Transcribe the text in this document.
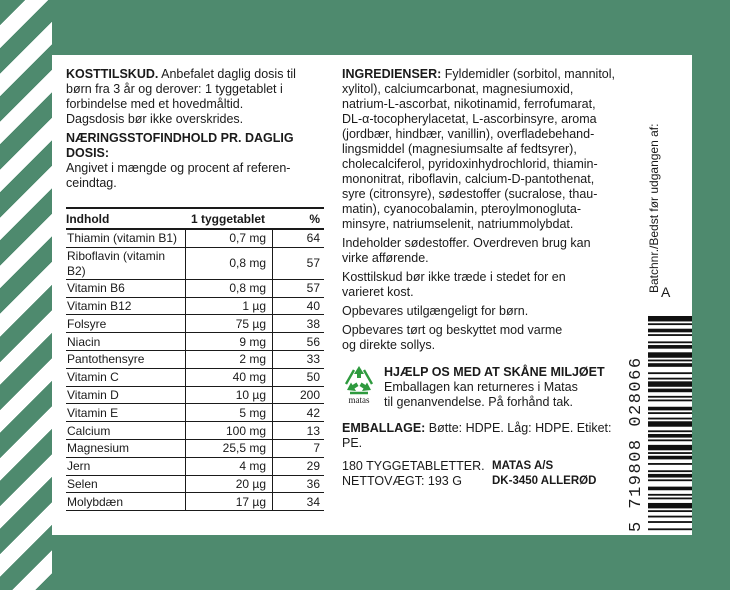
KOSTTILSKUD. Anbefalet daglig dosis til
børn fra 3 år og derover: 1 tyggetablet i
forbindelse med et hovedmåltid.
Dagsdosis bør ikke overskrides.

NÆRINGSSTOFINDHOLD PR. DAGLIG DOSIS:
Angivet i mængde og procent af referen-
ceindtag.

Indhold	1 tyggetablet	%
Thiamin (vitamin B1)	0,7 mg	64
Riboflavin (vitamin B2)	0,8 mg	57
Vitamin B6	0,8 mg	57
Vitamin B12	1 µg	40
Folsyre	75 µg	38
Niacin	9 mg	56
Pantothensyre	2 mg	33
Vitamin C	40 mg	50
Vitamin D	10 µg	200
Vitamin E	5 mg	42
Calcium	100 mg	13
Magnesium	25,5 mg	7
Jern	4 mg	29
Selen	20 µg	36
Molybdæn	17 µg	34

INGREDIENSER: Fyldemidler (sorbitol, mannitol,
xylitol), calciumcarbonat, magnesiumoxid,
natrium-L-ascorbat, nikotinamid, ferrofumarat,
DL-α-tocopherylacetat, L-ascorbinsyre, aroma
(jordbær, hindbær, vanillin), overfladebehand-
lingsmiddel (magnesiumsalte af fedtsyrer),
cholecalciferol, pyridoxinhydrochlorid, thiamin-
mononitrat, riboflavin, calcium-D-pantothenat,
syre (citronsyre), sødestoffer (sucralose, thau-
matin), cyanocobalamin, pteroylmonogluta-
minsyre, natriumselenit, natriummolybdat.

Indeholder sødestoffer. Overdreven brug kan
virke afførende.

Kosttilskud bør ikke træde i stedet for en
varieret kost.

Opbevares utilgængeligt for børn.

Opbevares tørt og beskyttet mod varme
og direkte sollys.

matas

HJÆLP OS MED AT SKÅNE MILJØET

Emballagen kan returneres i Matas

til genanvendelse. På forhånd tak.

EMBALLAGE: Bøtte: HDPE. Låg: HDPE. Etiket: PE.

180 TYGGETABLETTER.

NETTOVÆGT: 193 G

MATAS A/S

DK-3450 ALLERØD

Batchnr./Bedst før udgangen af: A
5 719808 028066
